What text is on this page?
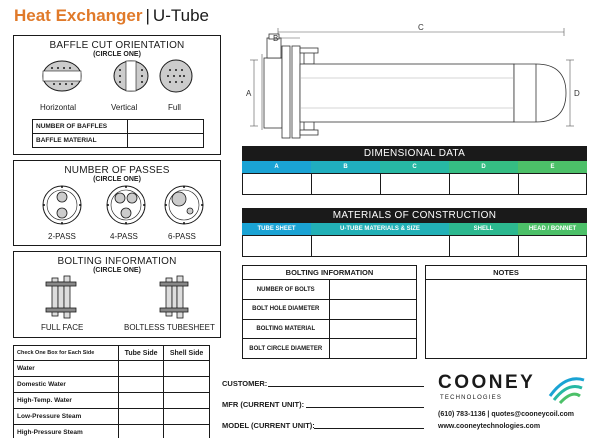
Heat Exchanger | U-Tube
BAFFLE CUT ORIENTATION
(CIRCLE ONE)
Horizontal	Vertical	Full
NUMBER OF BAFFLES	
BAFFLE MATERIAL	
NUMBER OF PASSES
(CIRCLE ONE)
2-PASS	4-PASS	6-PASS
BOLTING INFORMATION
(CIRCLE ONE)
FULL FACE	BOLTLESS TUBESHEET
Check One Box for Each Side	Tube Side	Shell Side
Water		
Domestic Water		
High-Temp. Water		
Low-Pressure Steam		
High-Pressure Steam		
C
B
A	D
DIMENSIONAL DATA
A	B	C	D	E
MATERIALS OF CONSTRUCTION
TUBE SHEET	U-TUBE MATERIALS & SIZE	SHELL	HEAD / BONNET
BOLTING INFORMATION
NUMBER OF BOLTS	
BOLT HOLE DIAMETER	
BOLTING MATERIAL	
BOLT CIRCLE DIAMETER	
NOTES
CUSTOMER:
MFR (CURRENT UNIT):
MODEL (CURRENT UNIT):
COONEY
TECHNOLOGIES
(610) 783-1136 | quotes@cooneycoil.com
www.cooneytechnologies.com
